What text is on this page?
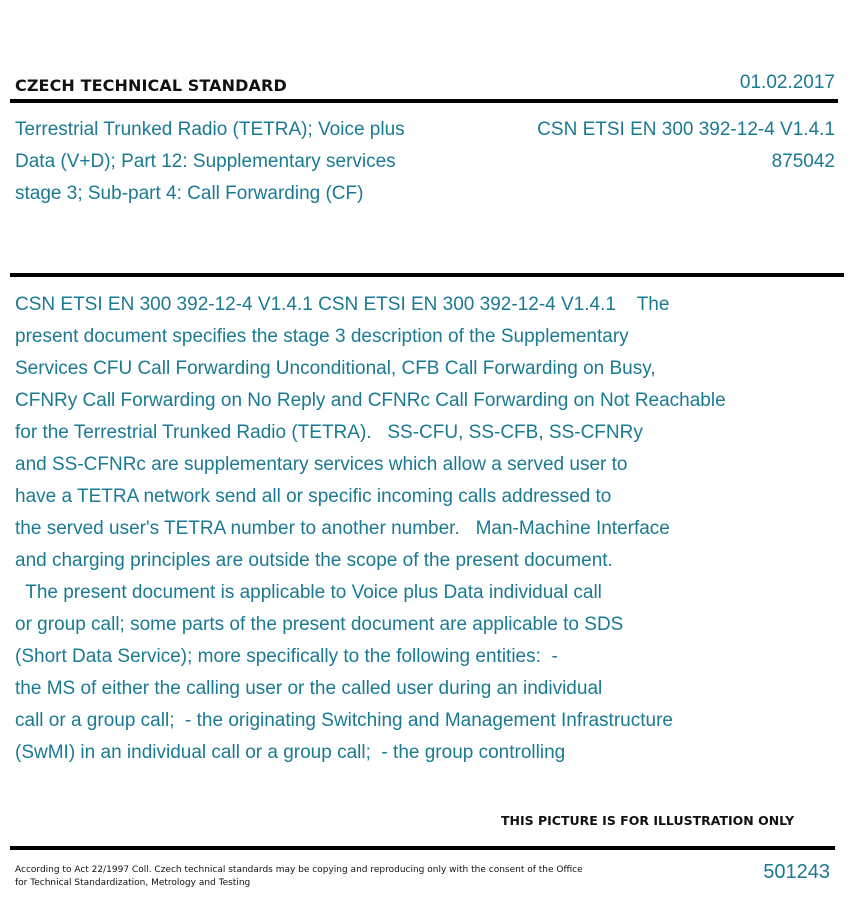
CZECH TECHNICAL STANDARD	01.02.2017
Terrestrial Trunked Radio (TETRA); Voice plus
Data (V+D); Part 12: Supplementary services
stage 3; Sub-part 4: Call Forwarding (CF)
CSN ETSI EN 300 392-12-4 V1.4.1
875042
CSN ETSI EN 300 392-12-4 V1.4.1 CSN ETSI EN 300 392-12-4 V1.4.1    The
present document specifies the stage 3 description of the Supplementary
Services CFU Call Forwarding Unconditional, CFB Call Forwarding on Busy,
CFNRy Call Forwarding on No Reply and CFNRc Call Forwarding on Not Reachable
for the Terrestrial Trunked Radio (TETRA).   SS-CFU, SS-CFB, SS-CFNRy
and SS-CFNRc are supplementary services which allow a served user to
have a TETRA network send all or specific incoming calls addressed to
the served user's TETRA number to another number.   Man-Machine Interface
and charging principles are outside the scope of the present document.
The present document is applicable to Voice plus Data individual call
or group call; some parts of the present document are applicable to SDS
(Short Data Service); more specifically to the following entities:  -
the MS of either the calling user or the called user during an individual
call or a group call;  - the originating Switching and Management Infrastructure
(SwMI) in an individual call or a group call;  - the group controlling
THIS PICTURE IS FOR ILLUSTRATION ONLY
According to Act 22/1997 Coll. Czech technical standards may be copying and reproducing only with the consent of the Office
for Technical Standardization, Metrology and Testing	501243
